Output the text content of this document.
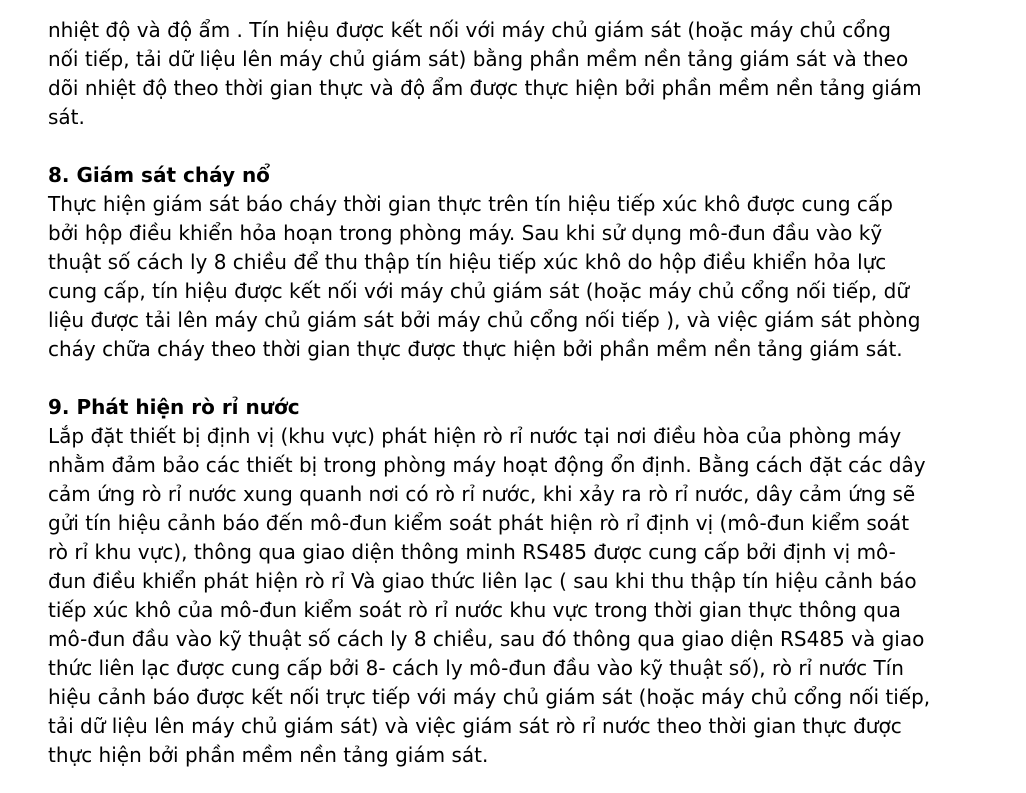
nhiệt độ và độ ẩm . Tín hiệu được kết nối với máy chủ giám sát (hoặc máy chủ cổng
nối tiếp, tải dữ liệu lên máy chủ giám sát) bằng phần mềm nền tảng giám sát và theo
dõi nhiệt độ theo thời gian thực và độ ẩm được thực hiện bởi phần mềm nền tảng giám
sát.
8. Giám sát cháy nổ
Thực hiện giám sát báo cháy thời gian thực trên tín hiệu tiếp xúc khô được cung cấp
bởi hộp điều khiển hỏa hoạn trong phòng máy. Sau khi sử dụng mô-đun đầu vào kỹ
thuật số cách ly 8 chiều để thu thập tín hiệu tiếp xúc khô do hộp điều khiển hỏa lực
cung cấp, tín hiệu được kết nối với máy chủ giám sát (hoặc máy chủ cổng nối tiếp, dữ
liệu được tải lên máy chủ giám sát bởi máy chủ cổng nối tiếp ), và việc giám sát phòng
cháy chữa cháy theo thời gian thực được thực hiện bởi phần mềm nền tảng giám sát.
9. Phát hiện rò rỉ nước
Lắp đặt thiết bị định vị (khu vực) phát hiện rò rỉ nước tại nơi điều hòa của phòng máy
nhằm đảm bảo các thiết bị trong phòng máy hoạt động ổn định. Bằng cách đặt các dây
cảm ứng rò rỉ nước xung quanh nơi có rò rỉ nước, khi xảy ra rò rỉ nước, dây cảm ứng sẽ
gửi tín hiệu cảnh báo đến mô-đun kiểm soát phát hiện rò rỉ định vị (mô-đun kiểm soát
rò rỉ khu vực), thông qua giao diện thông minh RS485 được cung cấp bởi định vị mô-
đun điều khiển phát hiện rò rỉ Và giao thức liên lạc ( sau khi thu thập tín hiệu cảnh báo
tiếp xúc khô của mô-đun kiểm soát rò rỉ nước khu vực trong thời gian thực thông qua
mô-đun đầu vào kỹ thuật số cách ly 8 chiều, sau đó thông qua giao diện RS485 và giao
thức liên lạc được cung cấp bởi 8- cách ly mô-đun đầu vào kỹ thuật số), rò rỉ nước Tín
hiệu cảnh báo được kết nối trực tiếp với máy chủ giám sát (hoặc máy chủ cổng nối tiếp,
tải dữ liệu lên máy chủ giám sát) và việc giám sát rò rỉ nước theo thời gian thực được
thực hiện bởi phần mềm nền tảng giám sát.
